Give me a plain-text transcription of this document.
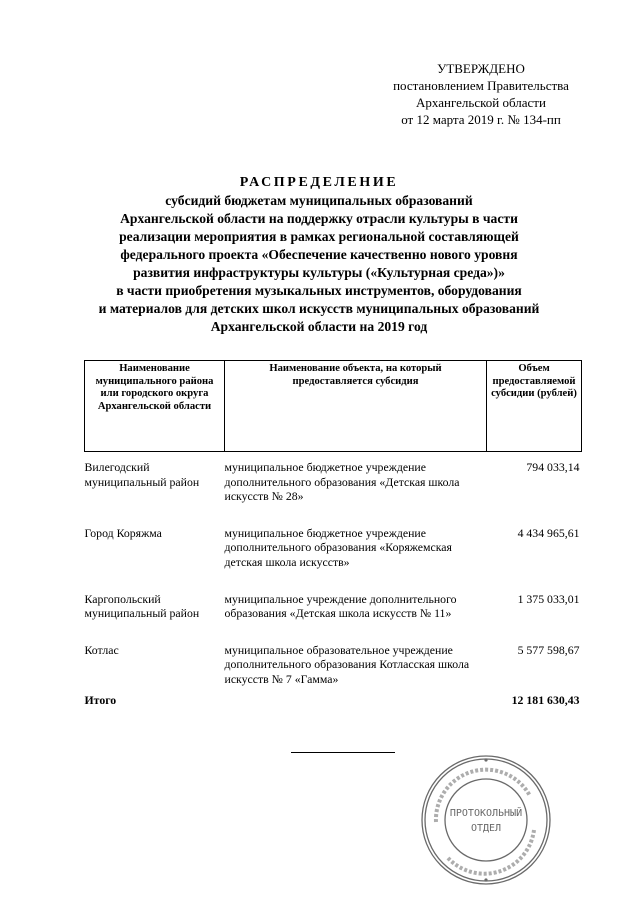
УТВЕРЖДЕНО
постановлением Правительства
Архангельской области
от 12 марта 2019 г. № 134-пп
РАСПРЕДЕЛЕНИЕ
субсидий бюджетам муниципальных образований
Архангельской области на поддержку отрасли культуры в части
реализации мероприятия в рамках региональной составляющей
федерального проекта «Обеспечение качественно нового уровня
развития инфраструктуры культуры («Культурная среда»)»
в части приобретения музыкальных инструментов, оборудования
и материалов для детских школ искусств муниципальных образований
Архангельской области на 2019 год
Наименование муниципального района или городского округа Архангельской области	Наименование объекта, на который предоставляется субсидия	Объем предоставляемой субсидии (рублей)
Вилегодский муниципальный район	муниципальное бюджетное учреждение дополнительного образования «Детская школа искусств № 28»	794 033,14

Город Коряжма	муниципальное бюджетное учреждение дополнительного образования «Коряжемская детская школа искусств»	4 434 965,61

Каргопольский муниципальный район	муниципальное учреждение дополнительного образования «Детская школа искусств № 11»	1 375 033,01

Котлас	муниципальное образовательное учреждение дополнительного образования Котласская школа искусств № 7 «Гамма»	5 577 598,67
Итого		12 181 630,43
ПРОТОКОЛЬНЫЙ
ОТДЕЛ
